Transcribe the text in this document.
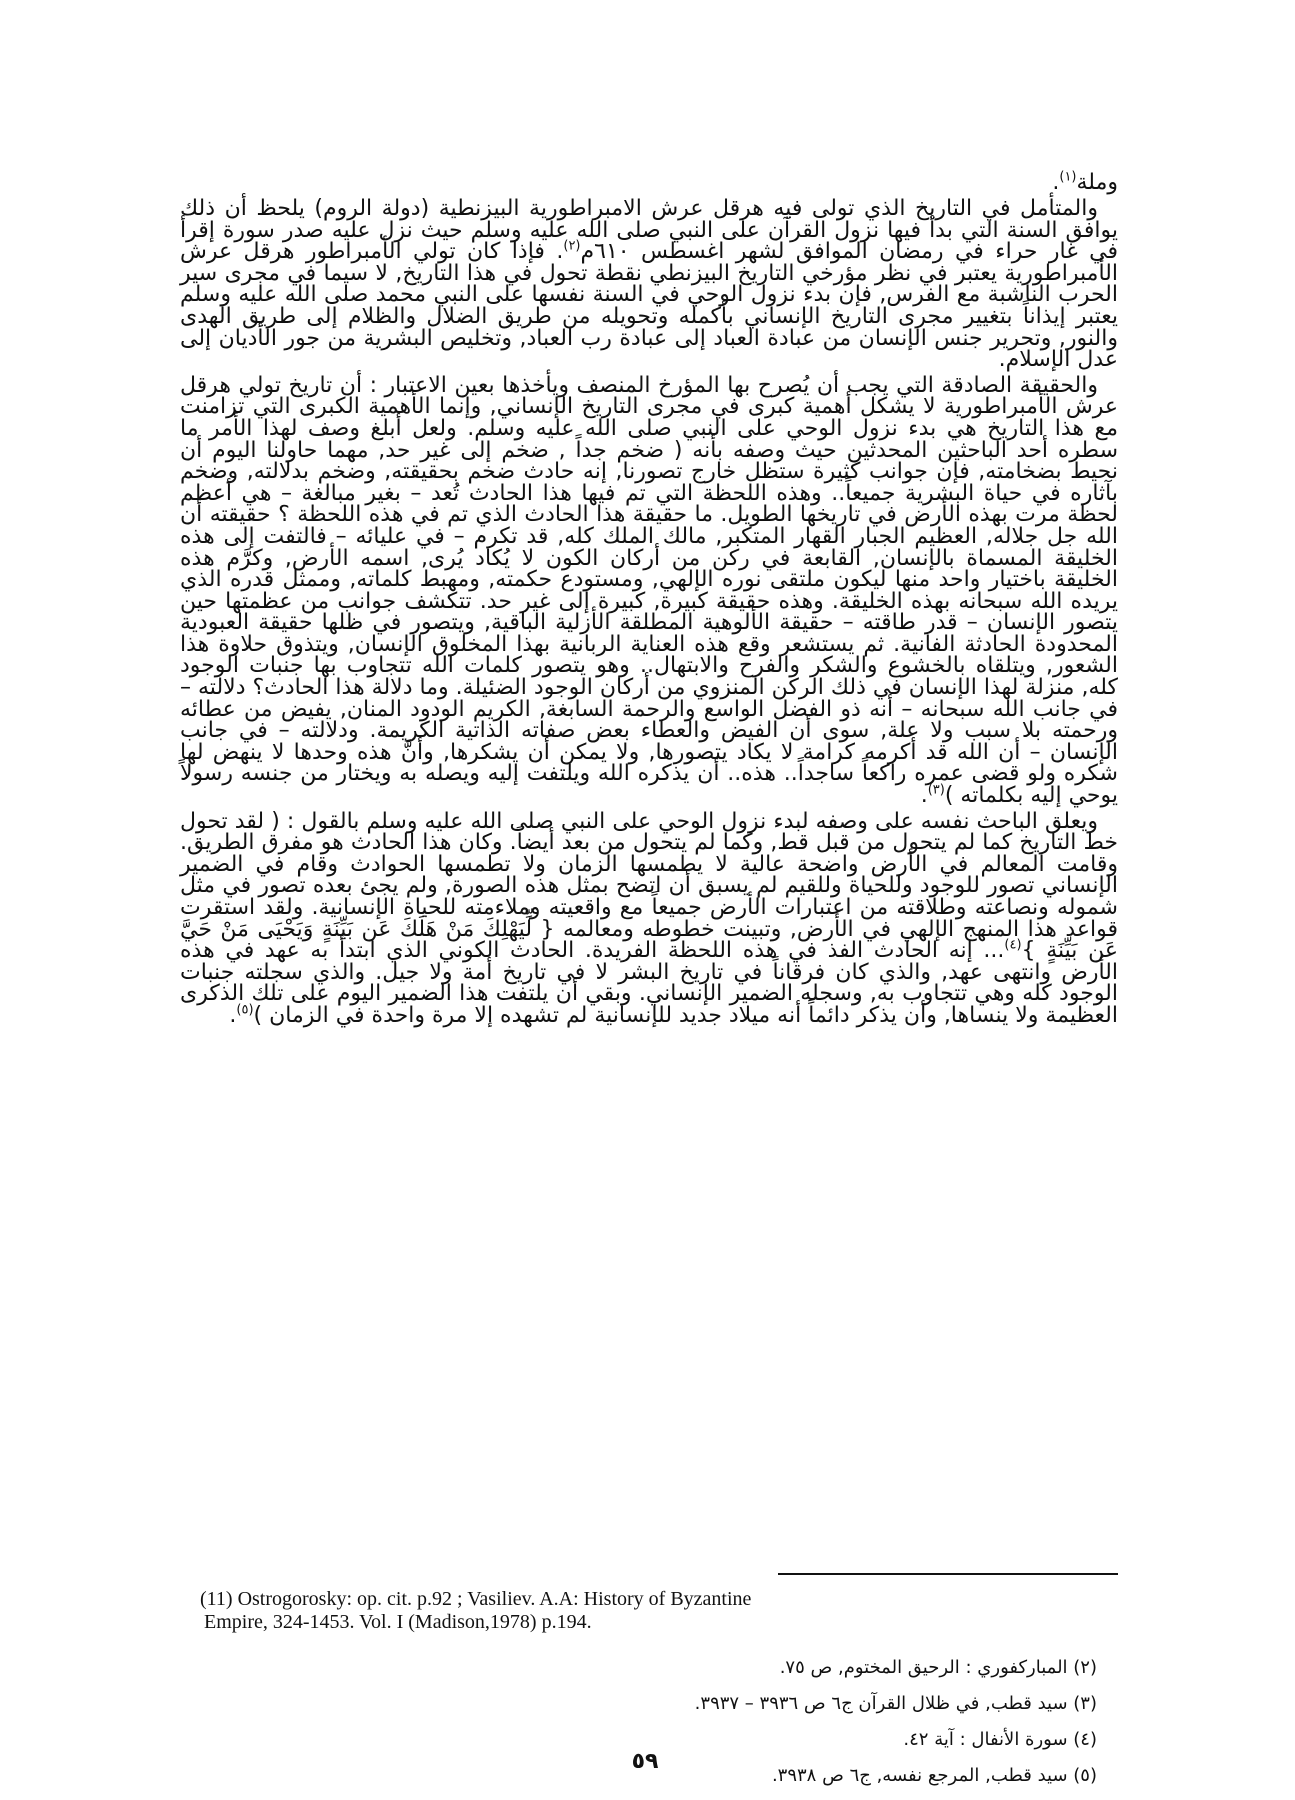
وملة$^{(١)}$.

والمتأمل في التاريخ الذي تولى فيه هرقل عرش الامبراطورية البيزنطية (دولة الروم) يلحظ أن ذلك يوافق السنة التي بدأ فيها نزول القرآن على النبي صلى الله عليه وسلم حيث نزل عليه صدر سورة إقرأ في غار حراء في رمضان الموافق لشهر اغسطس ٦١٠م$^{(٢)}$. فإذا كان تولي الأمبراطور هرقل عرش الأمبراطورية يعتبر في نظر مؤرخي التاريخ البيزنطي نقطة تحول في هذا التاريخ, لا سيما في مجرى سير الحرب الناشبة مع الفرس, فإن بدء نزول الوحي في السنة نفسها على النبي محمد صلى الله عليه وسلم يعتبر إيذاناً بتغيير مجرى التاريخ الإنساني بأكمله وتحويله من طريق الضلال والظلام إلى طريق الهدى والنور, وتحرير جنس الإنسان من عبادة العباد إلى عبادة رب العباد, وتخليص البشرية من جور الأديان إلى عدل الإسلام.

والحقيقة الصادقة التي يجب أن يُصرح بها المؤرخ المنصف ويأخذها بعين الاعتبار : أن تاريخ تولي هرقل عرش الأمبراطورية لا يشكل أهمية كبرى في مجرى التاريخ الإنساني, وإنما الأهمية الكبرى التي تزامنت مع هذا التاريخ هي بدء نزول الوحي على النبي صلى الله عليه وسلم. ولعل أبلغ وصف لهذا الأمر ما سطره أحد الباحثين المحدثين حيث وصفه بأنه ( ضخم جداً , ضخم إلى غير حد, مهما حاولنا اليوم أن نحيط بضخامته, فإن جوانب كثيرة ستظل خارج تصورنا, إنه حادث ضخم بحقيقته, وضخم بدلالته, وضخم بآثاره في حياة البشرية جميعاً.. وهذه اللحظة التي تم فيها هذا الحادث تُعد – بغير مبالغة – هي أعظم لحظة مرت بهذه الأرض في تاريخها الطويل. ما حقيقة هذا الحادث الذي تم في هذه اللحظة ؟ حقيقته أن الله جل جلاله, العظيم الجبار القهار المتكبر, مالك الملك كله, قد تكرم – في عليائه – فالتفت إلى هذه الخليقة المسماة بالإنسان, القابعة في ركن من أركان الكون لا يُكاد يُرى, اسمه الأرض, وكرَّم هذه الخليقة باختيار واحد منها ليكون ملتقى نوره الإلهي, ومستودع حكمته, ومهبط كلماته, وممثل قدره الذي يريده الله سبحانه بهذه الخليقة. وهذه حقيقة كبيرة, كبيرة إلى غير حد. تتكشف جوانب من عظمتها حين يتصور الإنسان – قدر طاقته – حقيقة الألوهية المطلقة الأزلية الباقية, ويتصور في ظلها حقيقة العبودية المحدودة الحادثة الفانية. ثم يستشعر وقع هذه العناية الربانية بهذا المخلوق الإنسان, ويتذوق حلاوة هذا الشعور, ويتلقاه بالخشوع والشكر والفرح والابتهال.. وهو يتصور كلمات الله تتجاوب بها جنبات الوجود كله, منزلة لهذا الإنسان في ذلك الركن المنزوي من أركان الوجود الضئيلة. وما دلالة هذا الحادث؟ دلالته – في جانب الله سبحانه – أنه ذو الفضل الواسع والرحمة السابغة, الكريم الودود المنان, يفيض من عطائه ورحمته بلا سبب ولا علة, سوى أن الفيض والعطاء بعض صفاته الذاتية الكريمة. ودلالته – في جانب الإنسان – أن الله قد أكرمه كرامة لا يكاد يتصورها, ولا يمكن أن يشكرها, وأنَّ هذه وحدها لا ينهض لها شكره ولو قضى عمره راكعاً ساجداً.. هذه.. أن يذكره الله ويلتفت إليه ويصله به ويختار من جنسه رسولاً يوحي إليه بكلماته )$^{(٣)}$.

ويعلق الباحث نفسه على وصفه لبدء نزول الوحي على النبي صلى الله عليه وسلم بالقول : ( لقد تحول خط التاريخ كما لم يتحول من قبل قط, وكما لم يتحول من بعد أيضاً. وكان هذا الحادث هو مفرق الطريق. وقامت المعالم في الأرض واضحة عالية لا يطمسها الزمان ولا تطمسها الحوادث وقام في الضمير الإنساني تصور للوجود وللحياة وللقيم لم يسبق أن اتضح بمثل هذه الصورة, ولم يجئ بعده تصور في مثل شموله ونصاعته وطلاقته من اعتبارات الأرض جميعاً مع واقعيته وملاءمته للحياة الإنسانية. ولقد استقرت قواعد هذا المنهج الإلهي في الأرض, وتبينت خطوطه ومعالمه { لِّيَهْلِكَ مَنْ هَلَكَ عَن بَيِّنَةٍ وَيَحْيَى مَنْ حَيَّ عَن بَيِّنَةٍ }$^{(٤)}$... إنه الحادث الفذ في هذه اللحظة الفريدة. الحادث الكوني الذي ابتدأ به عهد في هذه الأرض وانتهى عهد, والذي كان فرقاناً في تاريخ البشر لا في تاريخ أمة ولا جيل. والذي سجلته جنبات الوجود كله وهي تتجاوب به, وسجله الضمير الإنساني. وبقي أن يلتفت هذا الضمير اليوم على تلك الذكرى العظيمة ولا ينساها, وأن يذكر دائماً أنه ميلاد جديد للإنسانية لم تشهده إلا مرة واحدة في الزمان )$^{(٥)}$.

(11) Ostrogorosky: op. cit. p.92 ; Vasiliev. A.A: History of Byzantine
Empire, 324-1453. Vol. I (Madison,1978) p.194.
(٢) المباركفوري : الرحيق المختوم, ص ٧٥.
(٣) سيد قطب, في ظلال القرآن ج٦ ص ٣٩٣٦ – ٣٩٣٧.
(٤) سورة الأنفال : آية ٤٢.
(٥) سيد قطب, المرجع نفسه, ج٦ ص ٣٩٣٨.
٥٩
